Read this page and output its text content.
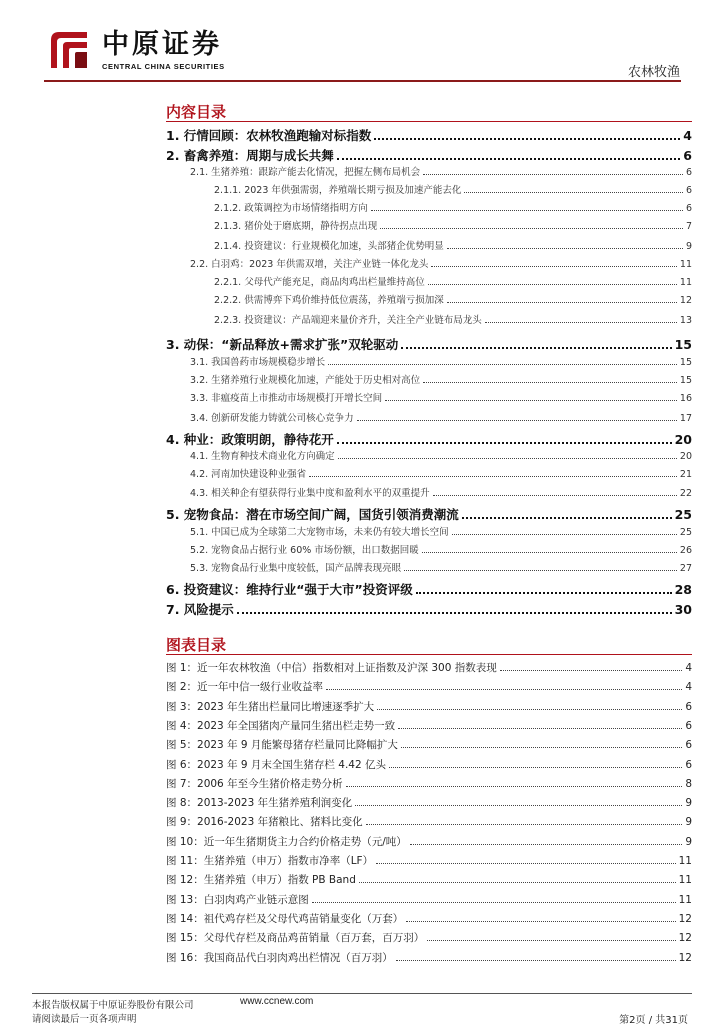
中原证券
CENTRAL CHINA SECURITIES	农林牧渔
内容目录
1. 行情回顾：农林牧渔跑输对标指数	4
2. 畜禽养殖：周期与成长共舞	6
2.1. 生猪养殖：跟踪产能去化情况，把握左侧布局机会	6
2.1.1. 2023 年供强需弱，养殖端长期亏损及加速产能去化	6
2.1.2. 政策调控为市场情绪指明方向	6
2.1.3. 猪价处于磨底期，静待拐点出现	7
2.1.4. 投资建议：行业规模化加速，头部猪企优势明显	9
2.2. 白羽鸡：2023 年供需双增，关注产业链一体化龙头	11
2.2.1. 父母代产能充足，商品肉鸡出栏量维持高位	11
2.2.2. 供需博弈下鸡价维持低位震荡，养殖端亏损加深	12
2.2.3. 投资建议：产品端迎来量价齐升，关注全产业链布局龙头	13
3. 动保：“新品释放+需求扩张”双轮驱动	15
3.1. 我国兽药市场规模稳步增长	15
3.2. 生猪养殖行业规模化加速，产能处于历史相对高位	15
3.3. 非瘟疫苗上市推动市场规模打开增长空间	16
3.4. 创新研发能力铸就公司核心竞争力	17
4. 种业：政策明朗，静待花开	20
4.1. 生物育种技术商业化方向确定	20
4.2. 河南加快建设种业强省	21
4.3. 相关种企有望获得行业集中度和盈利水平的双重提升	22
5. 宠物食品：潜在市场空间广阔，国货引领消费潮流	25
5.1. 中国已成为全球第二大宠物市场，未来仍有较大增长空间	25
5.2. 宠物食品占据行业 60% 市场份额，出口数据回暖	26
5.3. 宠物食品行业集中度较低，国产品牌表现亮眼	27
6. 投资建议：维持行业“强于大市”投资评级	28
7. 风险提示	30
图表目录
图 1：近一年农林牧渔（中信）指数相对上证指数及沪深 300 指数表现	4
图 2：近一年中信一级行业收益率	4
图 3：2023 年生猪出栏量同比增速逐季扩大	6
图 4：2023 年全国猪肉产量同生猪出栏走势一致	6
图 5：2023 年 9 月能繁母猪存栏量同比降幅扩大	6
图 6：2023 年 9 月末全国生猪存栏 4.42 亿头	6
图 7：2006 年至今生猪价格走势分析	8
图 8：2013-2023 年生猪养殖利润变化	9
图 9：2016-2023 年猪粮比、猪料比变化	9
图 10：近一年生猪期货主力合约价格走势（元/吨）	9
图 11：生猪养殖（申万）指数市净率（LF）	11
图 12：生猪养殖（申万）指数 PB Band	11
图 13：白羽肉鸡产业链示意图	11
图 14：祖代鸡存栏及父母代鸡苗销量变化（万套）	12
图 15：父母代存栏及商品鸡苗销量（百万套，百万羽）	12
图 16：我国商品代白羽肉鸡出栏情况（百万羽）	12
本报告版权属于中原证券股份有限公司	www.ccnew.com
请阅读最后一页各项声明	第2页 / 共31页
